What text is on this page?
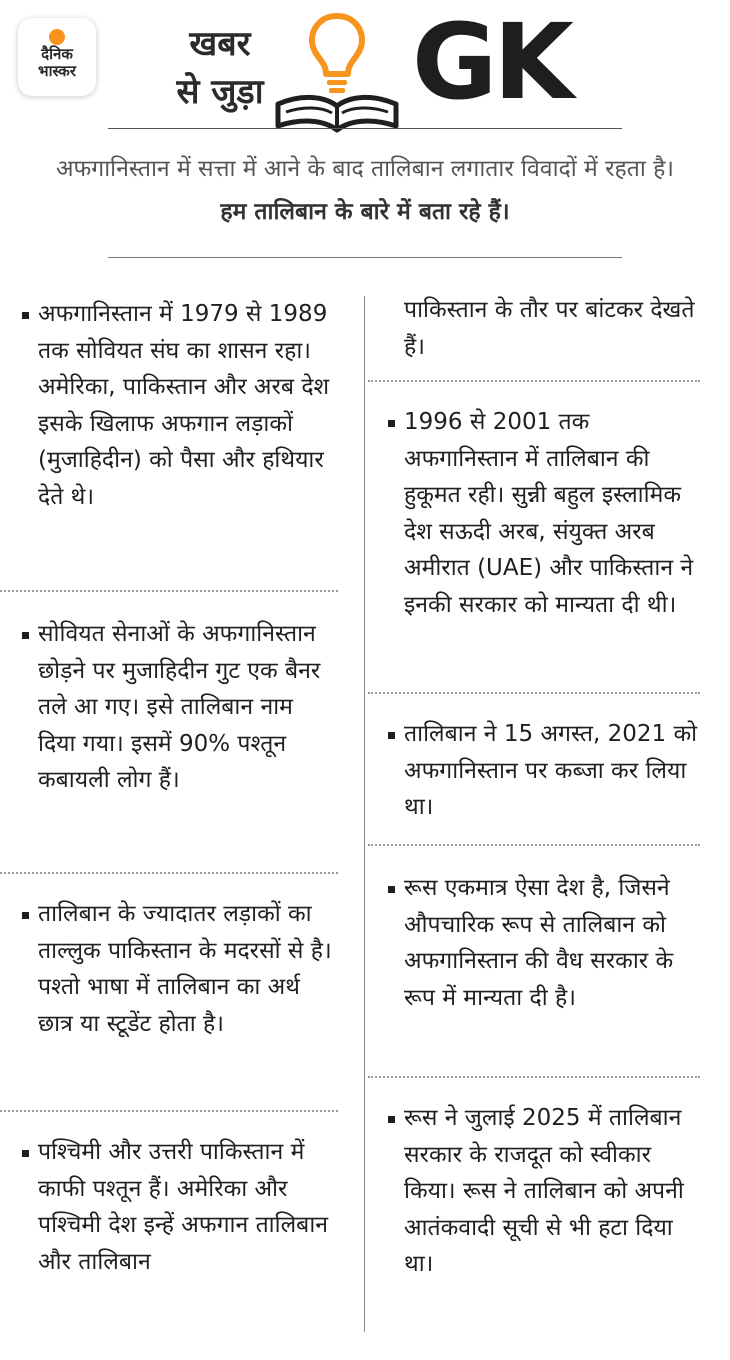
दैनिक
भास्कर
खबर
से जुड़ा GK
अफगानिस्तान में सत्ता में आने के बाद तालिबान लगातार विवादों में रहता है। हम तालिबान के बारे में बता रहे हैं।
अफगानिस्तान में 1979 से 1989 तक सोवियत संघ का शासन रहा। अमेरिका, पाकिस्तान और अरब देश इसके खिलाफ अफगान लड़ाकों (मुजाहिदीन) को पैसा और हथियार देते थे।
सोवियत सेनाओं के अफगानिस्तान छोड़ने पर मुजाहिदीन गुट एक बैनर तले आ गए। इसे तालिबान नाम दिया गया। इसमें 90% पश्तून कबायली लोग हैं।
तालिबान के ज्यादातर लड़ाकों का ताल्लुक पाकिस्तान के मदरसों से है। पश्तो भाषा में तालिबान का अर्थ छात्र या स्टूडेंट होता है।
पश्चिमी और उत्तरी पाकिस्तान में काफी पश्तून हैं। अमेरिका और पश्चिमी देश इन्हें अफगान तालिबान और तालिबान
पाकिस्तान के तौर पर बांटकर देखते हैं।
1996 से 2001 तक अफगानिस्तान में तालिबान की हुकूमत रही। सुन्नी बहुल इस्लामिक देश सऊदी अरब, संयुक्त अरब अमीरात (UAE) और पाकिस्तान ने इनकी सरकार को मान्यता दी थी।
तालिबान ने 15 अगस्त, 2021 को अफगानिस्तान पर कब्जा कर लिया था।
रूस एकमात्र ऐसा देश है, जिसने औपचारिक रूप से तालिबान को अफगानिस्तान की वैध सरकार के रूप में मान्यता दी है।
रूस ने जुलाई 2025 में तालिबान सरकार के राजदूत को स्वीकार किया। रूस ने तालिबान को अपनी आतंकवादी सूची से भी हटा दिया था।
